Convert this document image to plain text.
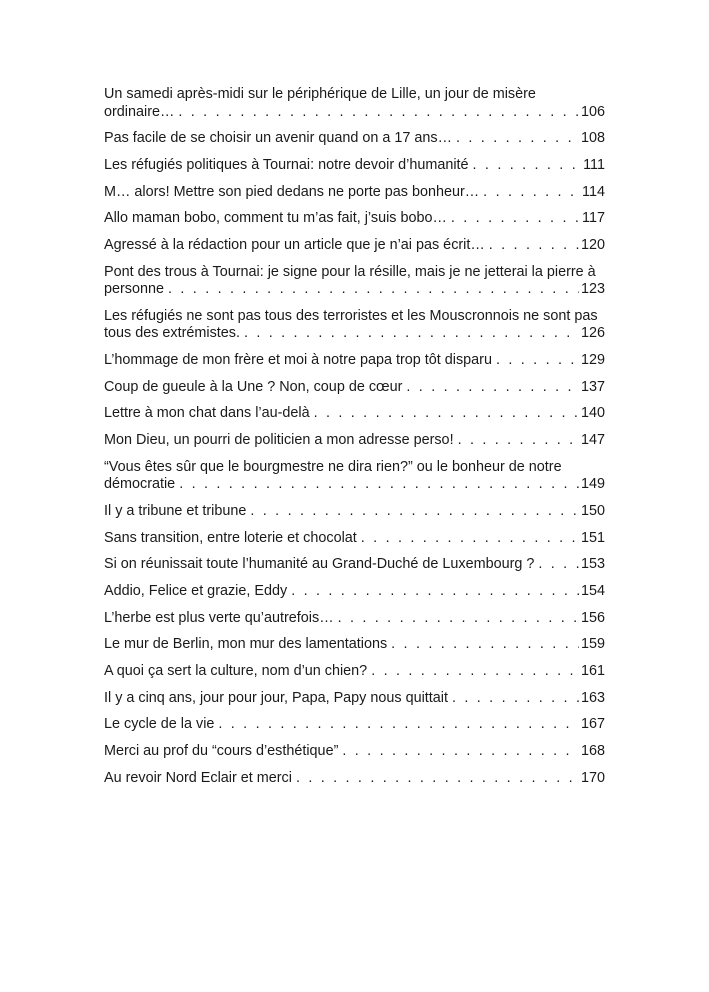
Un samedi après-midi sur le périphérique de Lille, un jour de misère
ordinaire… . . .	106
Pas facile de se choisir un avenir quand on a 17 ans… . . .	108
Les réfugiés politiques à Tournai: notre devoir d’humanité . . .	111
M… alors! Mettre son pied dedans ne porte pas bonheur… . . .	114
Allo maman bobo, comment tu m’as fait, j’suis bobo… . . .	117
Agressé à la rédaction pour un article que je n’ai pas écrit… . . .	120
Pont des trous à Tournai: je signe pour la résille, mais je ne jetterai la pierre à
personne . . .	123
Les réfugiés ne sont pas tous des terroristes et les Mouscronnois ne sont pas
tous des extrémistes. . . .	126
L’hommage de mon frère et moi à notre papa trop tôt disparu . . .	129
Coup de gueule à la Une ? Non, coup de cœur . . .	137
Lettre à mon chat dans l’au-delà . . .	140
Mon Dieu, un pourri de politicien a mon adresse perso! . . .	147
“Vous êtes sûr que le bourgmestre ne dira rien?” ou le bonheur de notre
démocratie . . .	149
Il y a tribune et tribune . . .	150
Sans transition, entre loterie et chocolat . . .	151
Si on réunissait toute l’humanité au Grand-Duché de Luxembourg ? . . .	153
Addio, Felice et grazie, Eddy . . .	154
L’herbe est plus verte qu’autrefois… . . .	156
Le mur de Berlin, mon mur des lamentations . . .	159
A quoi ça sert la culture, nom d’un chien? . . .	161
Il y a cinq ans, jour pour jour, Papa, Papy nous quittait . . .	163
Le cycle de la vie . . .	167
Merci au prof du “cours d’esthétique” . . .	168
Au revoir Nord Eclair et merci . . .	170
